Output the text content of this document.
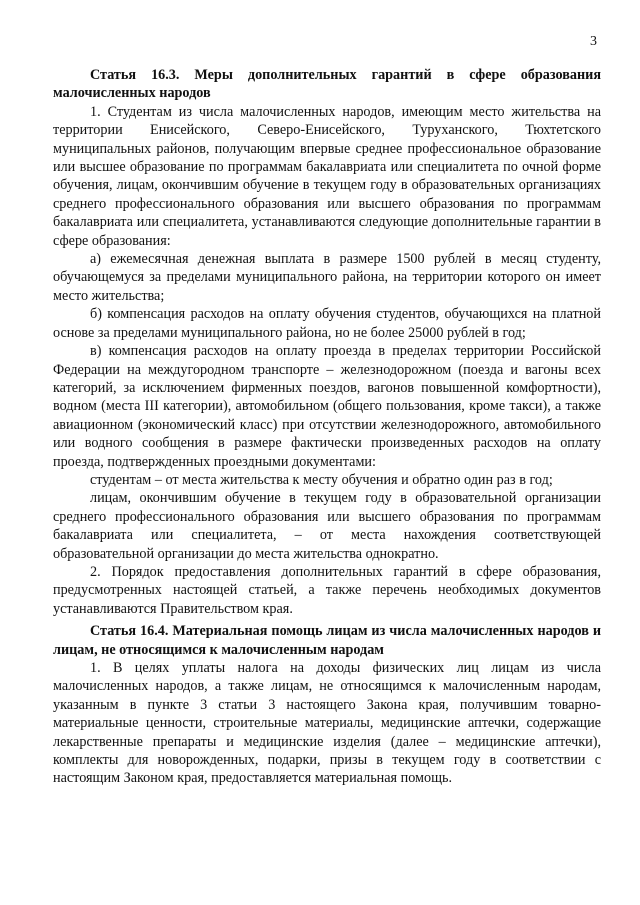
3

Статья 16.3. Меры дополнительных гарантий в сфере образования малочисленных народов

1. Студентам из числа малочисленных народов, имеющим место жительства на территории Енисейского, Северо-Енисейского, Туруханского, Тюхтетского муниципальных районов, получающим впервые среднее профессиональное образование или высшее образование по программам бакалавриата или специалитета по очной форме обучения, лицам, окончившим обучение в текущем году в образовательных организациях среднего профессионального образования или высшего образования по программам бакалавриата или специалитета, устанавливаются следующие дополнительные гарантии в сфере образования:

а) ежемесячная денежная выплата в размере 1500 рублей в месяц студенту, обучающемуся за пределами муниципального района, на территории которого он имеет место жительства;

б) компенсация расходов на оплату обучения студентов, обучающихся на платной основе за пределами муниципального района, но не более 25000 рублей в год;

в) компенсация расходов на оплату проезда в пределах территории Российской Федерации на междугородном транспорте – железнодорожном (поезда и вагоны всех категорий, за исключением фирменных поездов, вагонов повышенной комфортности), водном (места III категории), автомобильном (общего пользования, кроме такси), а также авиационном (экономический класс) при отсутствии железнодорожного, автомобильного или водного сообщения в размере фактически произведенных расходов на оплату проезда, подтвержденных проездными документами:

студентам – от места жительства к месту обучения и обратно один раз в год;

лицам, окончившим обучение в текущем году в образовательной организации среднего профессионального образования или высшего образования по программам бакалавриата или специалитета, – от места нахождения соответствующей образовательной организации до места жительства однократно.

2. Порядок предоставления дополнительных гарантий в сфере образования, предусмотренных настоящей статьей, а также перечень необходимых документов устанавливаются Правительством края.

Статья 16.4. Материальная помощь лицам из числа малочисленных народов и лицам, не относящимся к малочисленным народам

1. В целях уплаты налога на доходы физических лиц лицам из числа малочисленных народов, а также лицам, не относящимся к малочисленным народам, указанным в пункте 3 статьи 3 настоящего Закона края, получившим товарно-материальные ценности, строительные материалы, медицинские аптечки, содержащие лекарственные препараты и медицинские изделия (далее – медицинские аптечки), комплекты для новорожденных, подарки, призы в текущем году в соответствии с настоящим Законом края, предоставляется материальная помощь.
